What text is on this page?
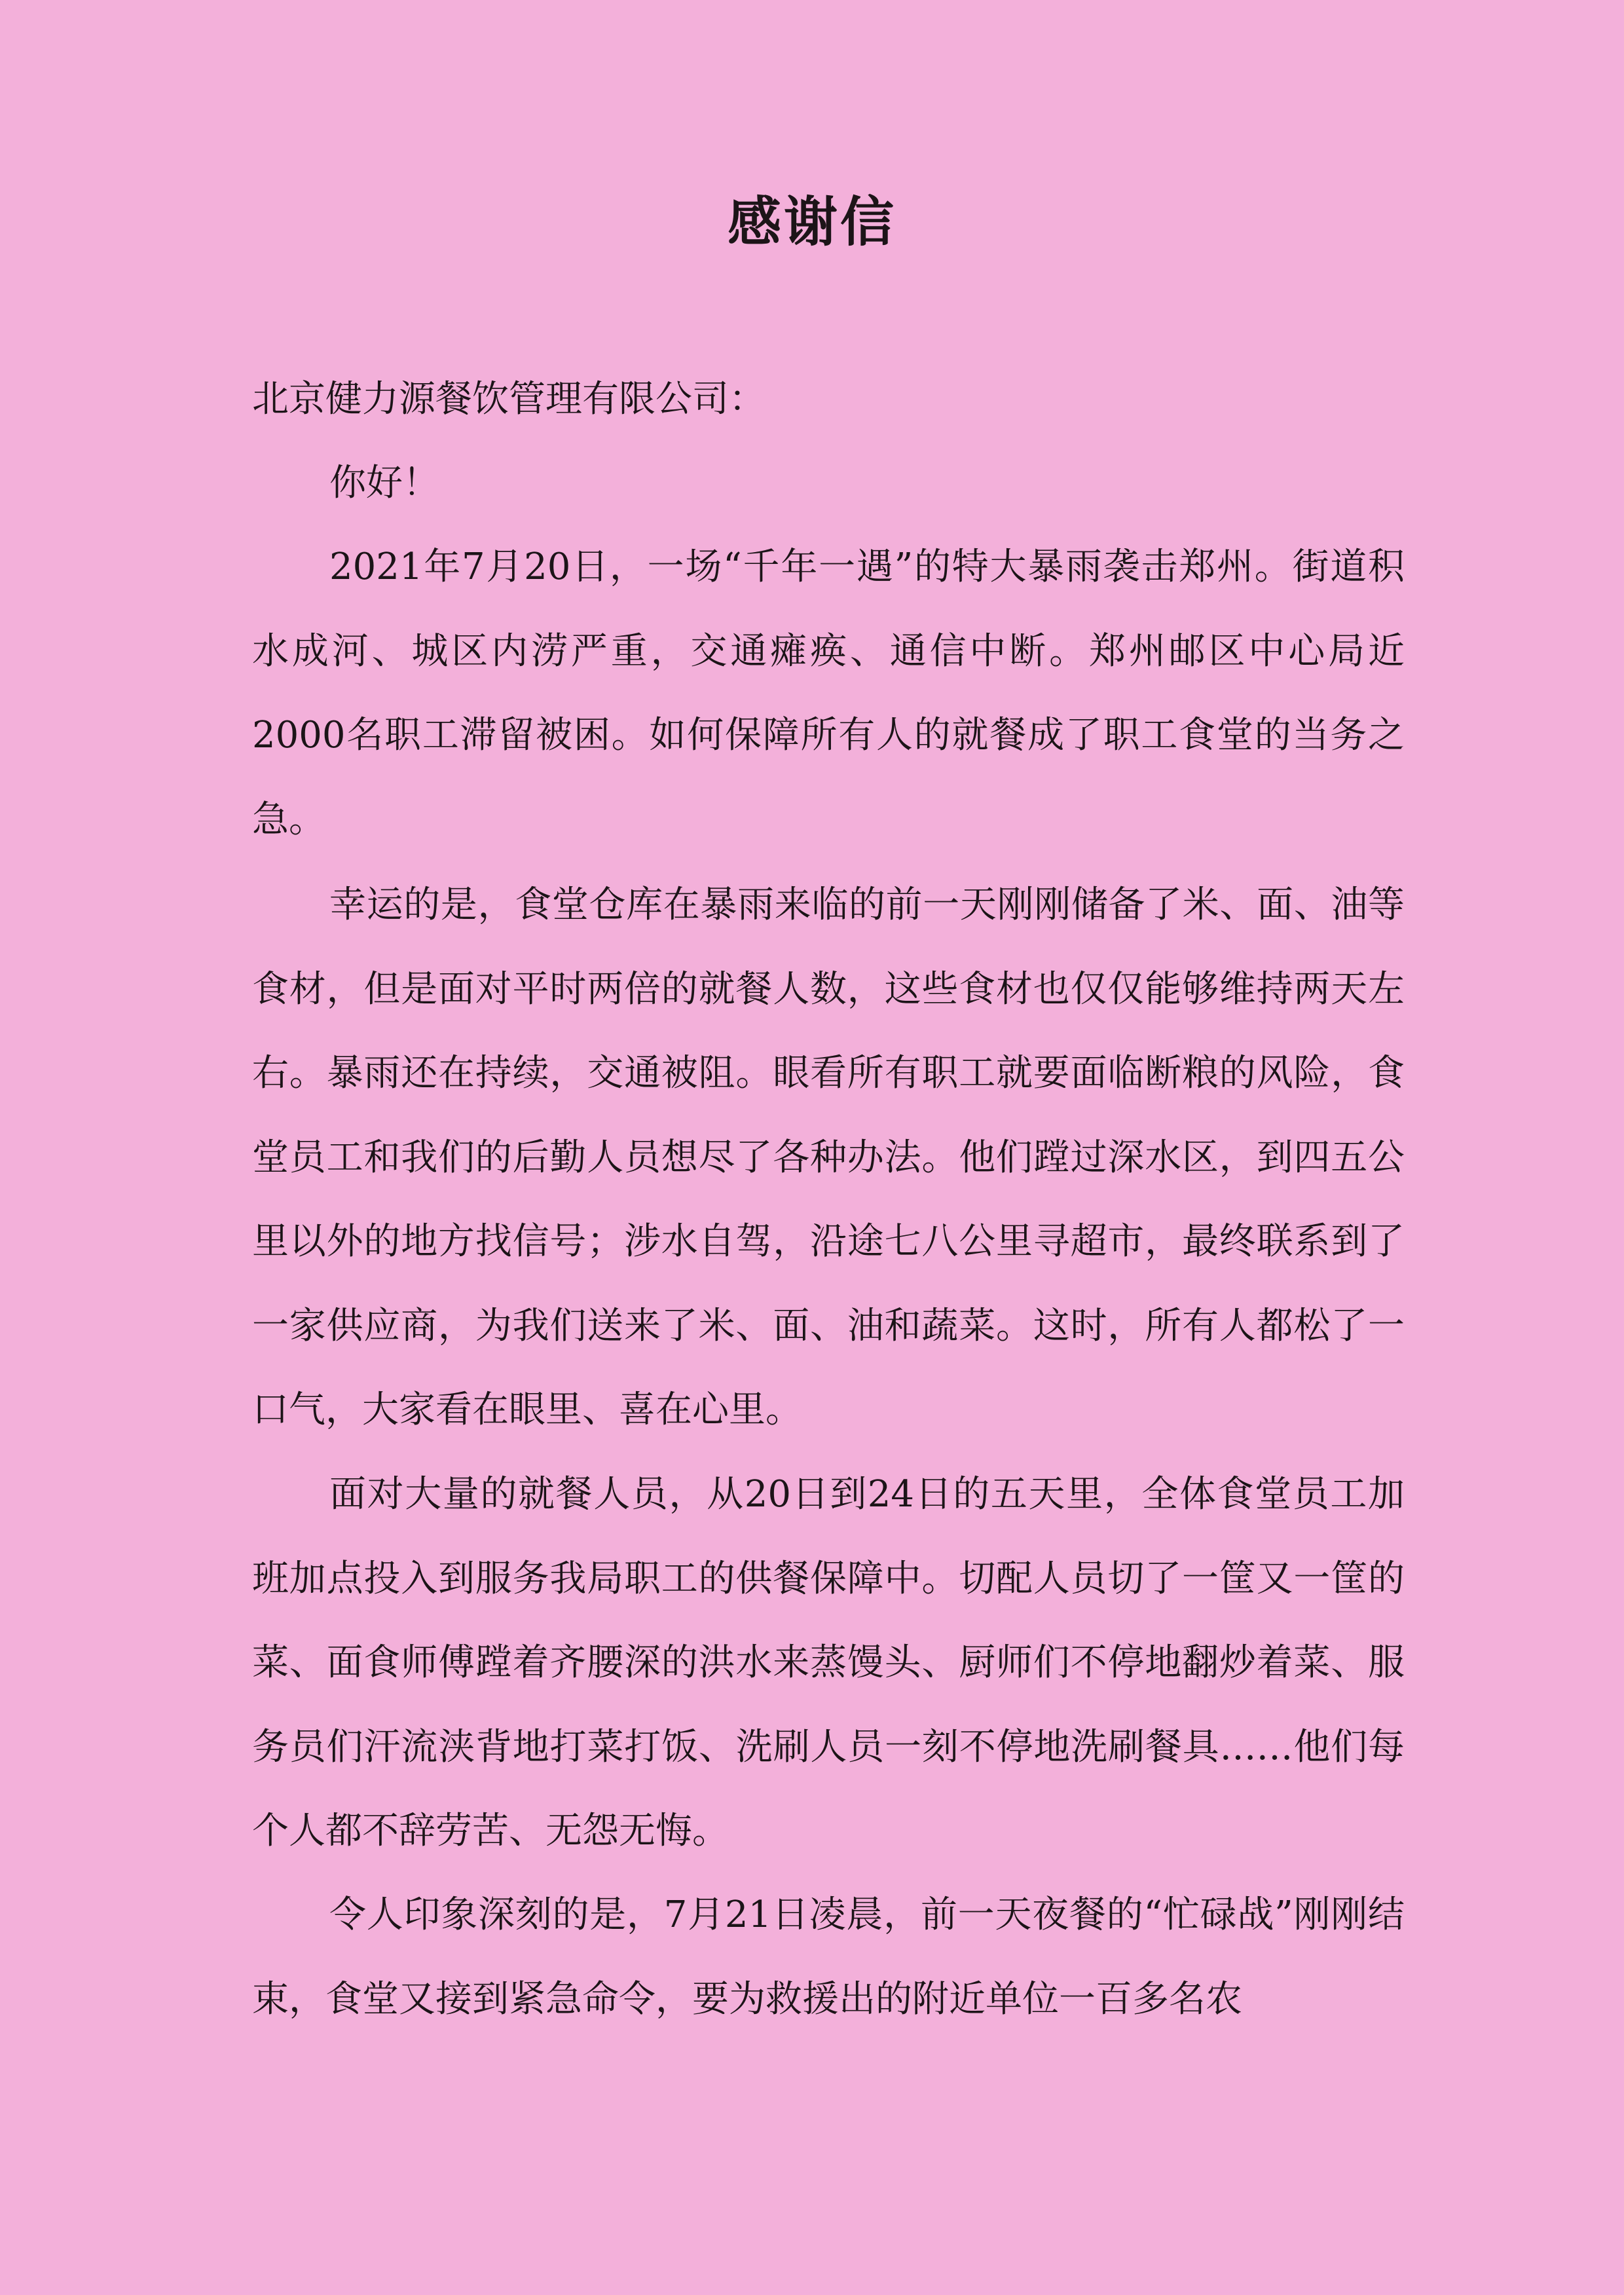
感谢信

北京健力源餐饮管理有限公司：

你好！

2021年7月20日，一场“千年一遇”的特大暴雨袭击郑州。街道积水成河、城区内涝严重，交通瘫痪、通信中断。郑州邮区中心局近2000名职工滞留被困。如何保障所有人的就餐成了职工食堂的当务之急。

幸运的是，食堂仓库在暴雨来临的前一天刚刚储备了米、面、油等食材，但是面对平时两倍的就餐人数，这些食材也仅仅能够维持两天左右。暴雨还在持续，交通被阻。眼看所有职工就要面临断粮的风险，食堂员工和我们的后勤人员想尽了各种办法。他们蹚过深水区，到四五公里以外的地方找信号；涉水自驾，沿途七八公里寻超市，最终联系到了一家供应商，为我们送来了米、面、油和蔬菜。这时，所有人都松了一口气，大家看在眼里、喜在心里。

面对大量的就餐人员，从20日到24日的五天里，全体食堂员工加班加点投入到服务我局职工的供餐保障中。切配人员切了一筐又一筐的菜、面食师傅蹚着齐腰深的洪水来蒸馒头、厨师们不停地翻炒着菜、服务员们汗流浃背地打菜打饭、洗刷人员一刻不停地洗刷餐具……他们每个人都不辞劳苦、无怨无悔。

令人印象深刻的是，7月21日凌晨，前一天夜餐的“忙碌战”刚刚结束，食堂又接到紧急命令，要为救援出的附近单位一百多名农
